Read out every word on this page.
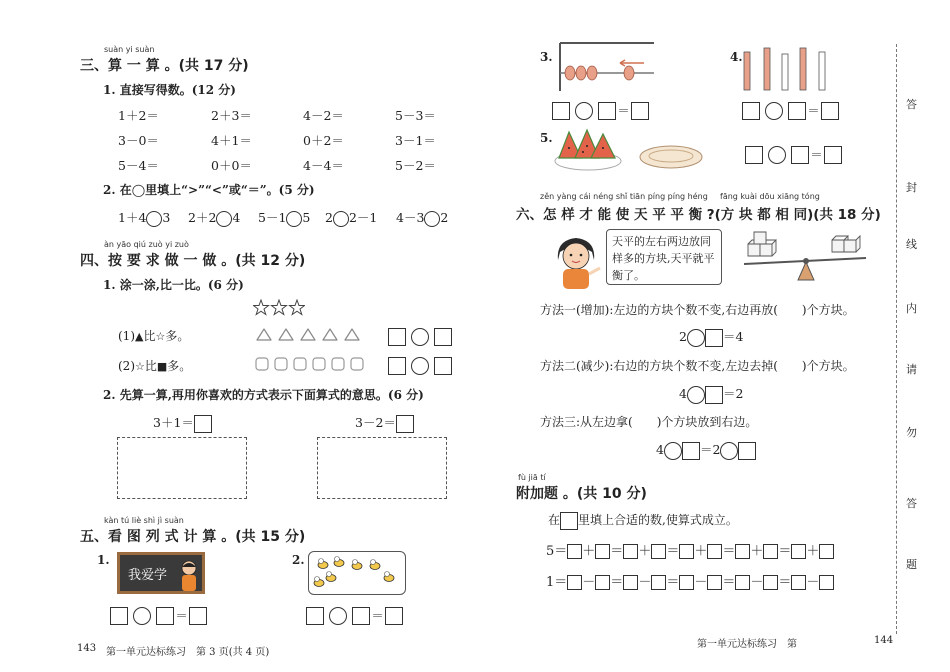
suàn yi suàn
三、算 一 算 。(共 17 分)
1. 直接写得数。(12 分)
1＋2＝	2＋3＝	4－2＝	5－3＝
3－0＝	4＋1＝	0＋2＝	3－1＝
5－4＝	0＋0＝	4－4＝	5－2＝
2. 在◯里填上“>”“<”或“＝”。(5 分)
1＋4 3 2＋2 4 5－1 5 2 2－1 4－3 2
àn yāo qiú zuò yi zuò
四、按 要 求 做 一 做 。(共 12 分)
1. 涂一涂,比一比。(6 分)
(1)▲比☆多。

(2)☆比■多。

2. 先算一算,再用你喜欢的方式表示下面算式的意思。(6 分)
3＋1＝	3－2＝
kàn tú liè shì jì suàn
五、看 图 列 式 计 算 。(共 15 分)
1.
我爱学
＝
2.
＝
143 第一单元达标练习　第 3 页(共 4 页)
3.
＝
4.
＝
5.
＝
zěn yàng cái néng shǐ tiān píng píng héng fāng kuài dōu xiāng tóng
六、怎 样 才 能 使 天 平 平 衡 ?(方 块 都 相 同)(共 18 分)
天平的左右两边放同样多的方块,天平就平衡了。
方法一(增加):左边的方块个数不变,右边再放(　　)个方块。
2	＝4
方法二(减少):右边的方块个数不变,左边去掉(　　)个方块。
4	＝2
方法三:从左边拿(　　)个方块放到右边。
4	＝2
fù jiā tí
附加题 。(共 10 分)
在 里填上合适的数,使算式成立。
5＝ ＋ ＝ ＋ ＝ ＋ ＝ ＋ ＝ ＋
1＝ － ＝ － ＝ － ＝ － ＝ －
第一单元达标练习　第	144
答
封
线
内
请
勿
答
题
